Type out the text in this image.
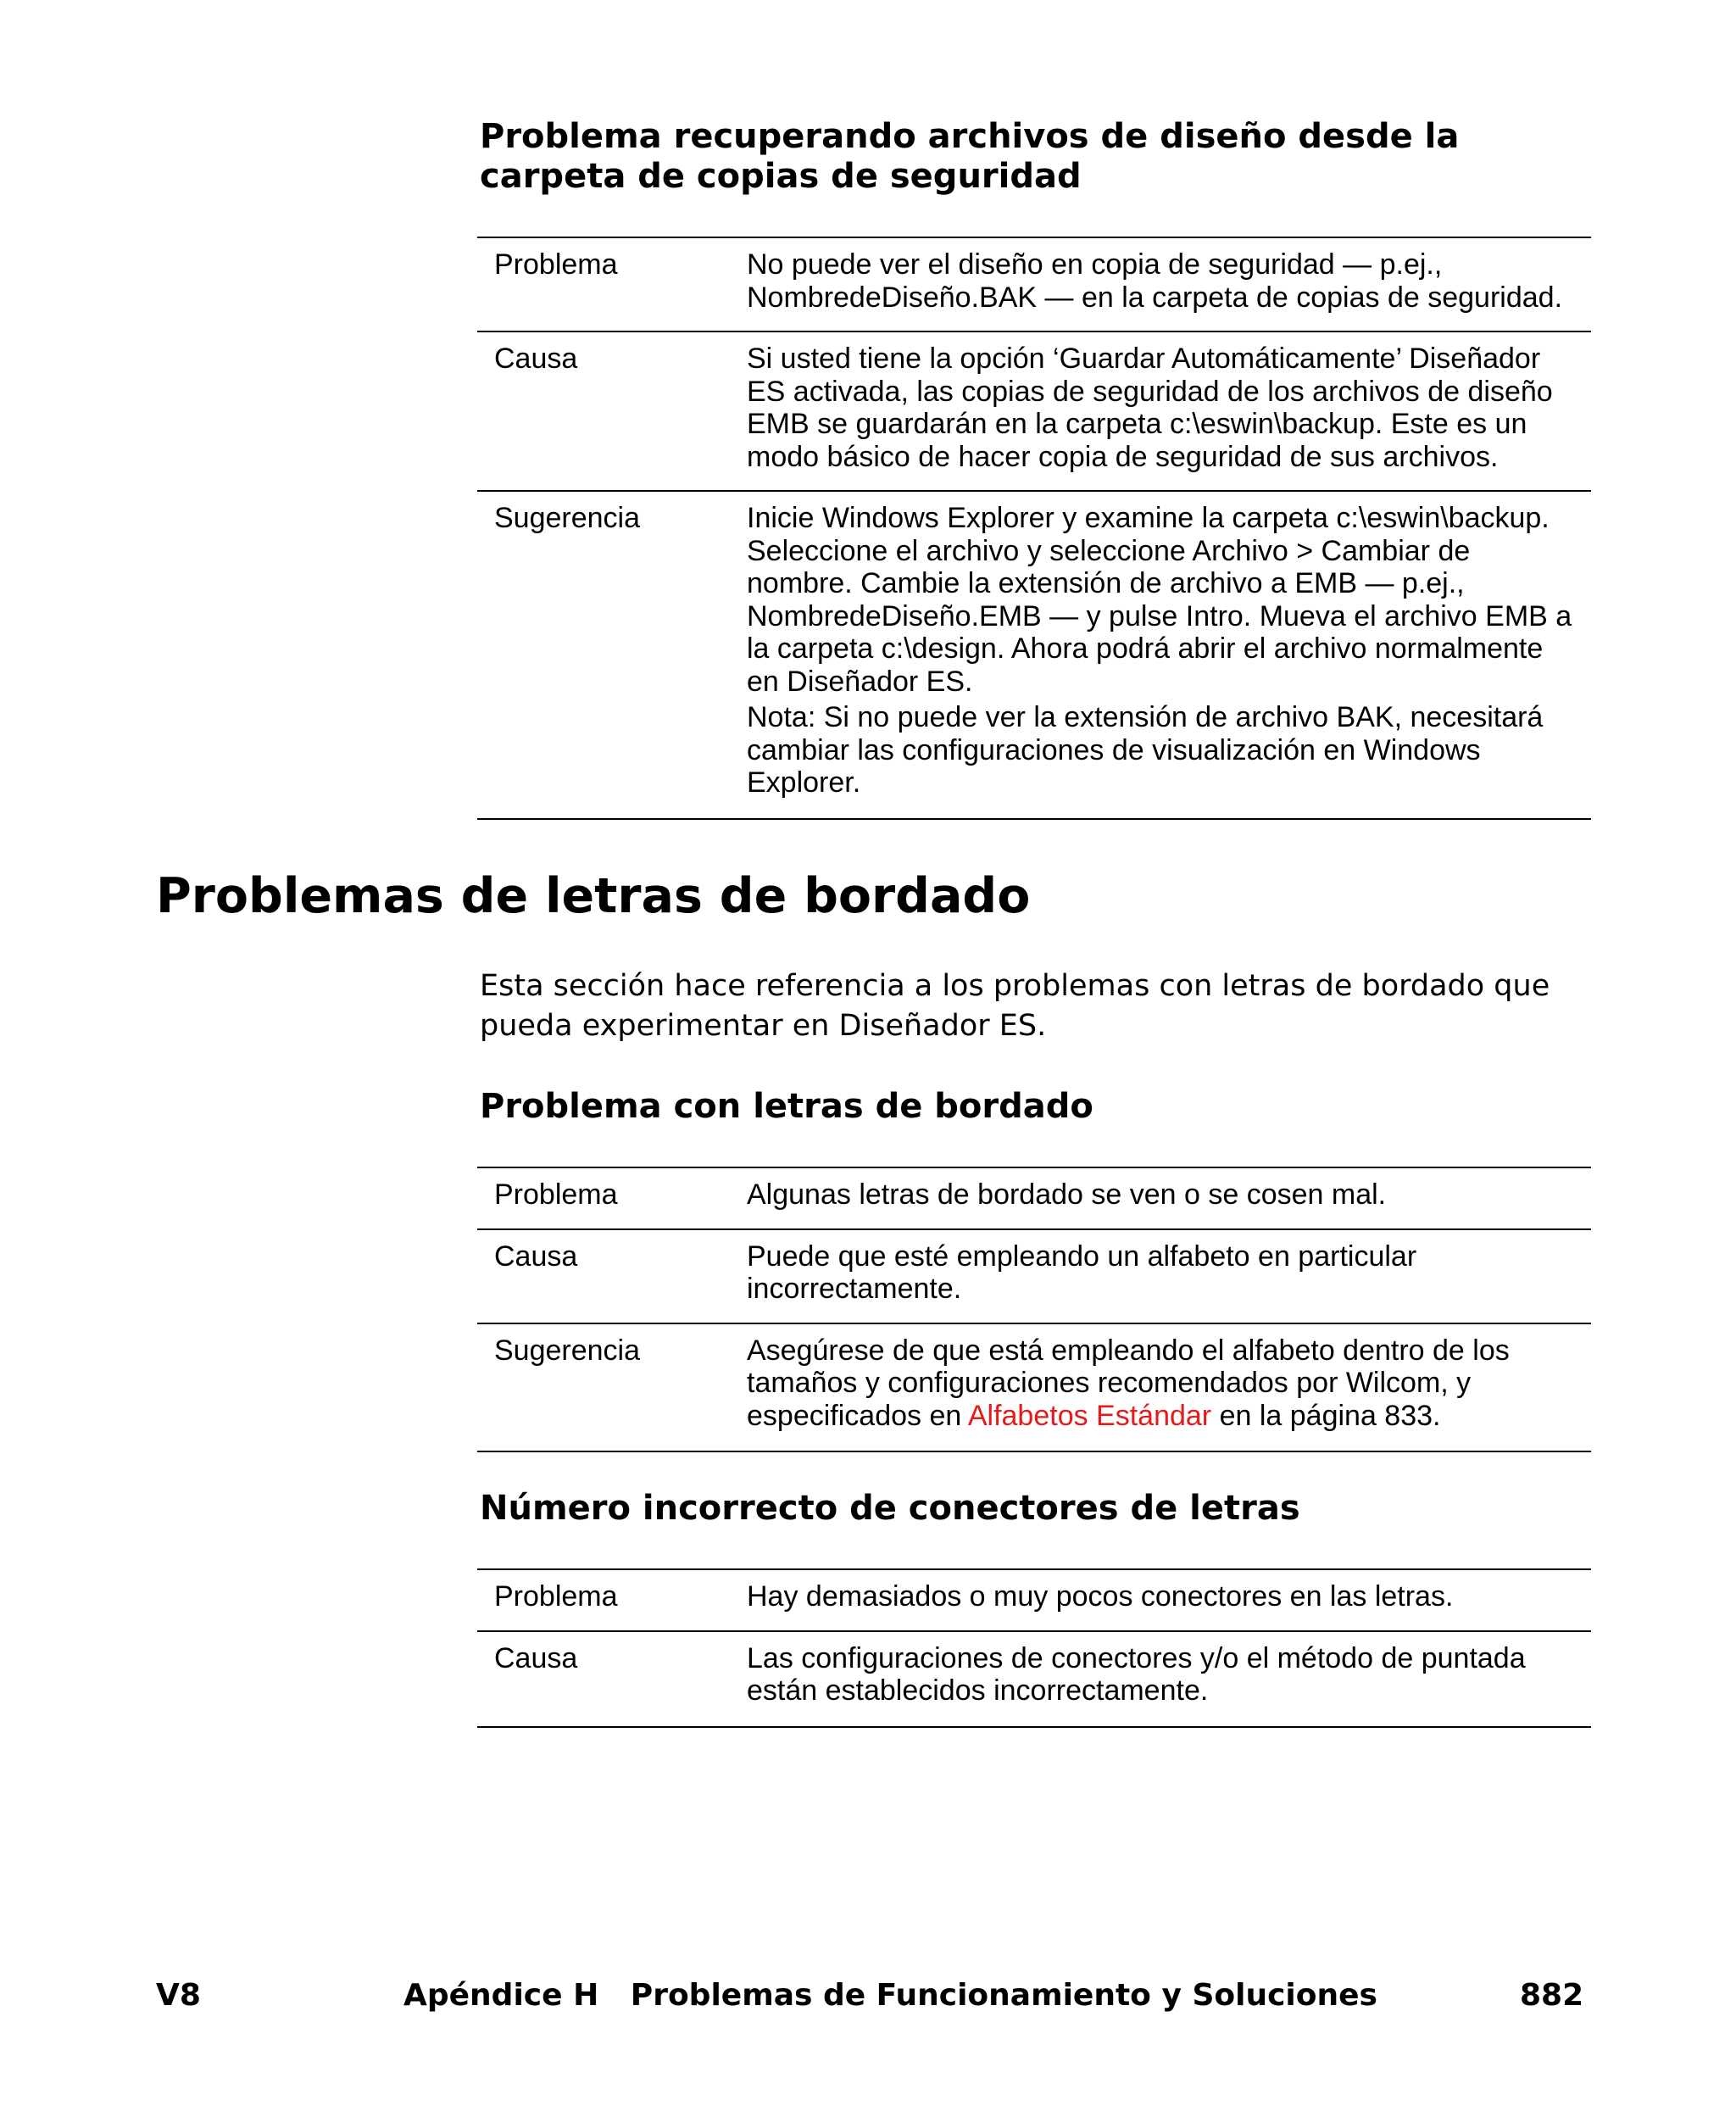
Problema recuperando archivos de diseño desde la carpeta de copias de seguridad
Problema	No puede ver el diseño en copia de seguridad — p.ej., NombredeDiseño.BAK — en la carpeta de copias de seguridad.

Causa	Si usted tiene la opción ‘Guardar Automáticamente’ Diseñador ES activada, las copias de seguridad de los archivos de diseño EMB se guardarán en la carpeta c:\eswin\backup. Este es un modo básico de hacer copia de seguridad de sus archivos.

Sugerencia	Inicie Windows Explorer y examine la carpeta c:\eswin\backup. Seleccione el archivo y seleccione Archivo > Cambiar de nombre. Cambie la extensión de archivo a EMB — p.ej., NombredeDiseño.EMB — y pulse Intro. Mueva el archivo EMB a la carpeta c:\design. Ahora podrá abrir el archivo normalmente en Diseñador ES.

Nota: Si no puede ver la extensión de archivo BAK, necesitará cambiar las configuraciones de visualización en Windows Explorer.

Problemas de letras de bordado

Esta sección hace referencia a los problemas con letras de bordado que pueda experimentar en Diseñador ES.

Problema con letras de bordado
Problema	Algunas letras de bordado se ven o se cosen mal.
Causa	Puede que esté empleando un alfabeto en particular incorrectamente.
Sugerencia	Asegúrese de que está empleando el alfabeto dentro de los tamaños y configuraciones recomendados por Wilcom, y especificados en Alfabetos Estándar en la página 833.
Número incorrecto de conectores de letras
Problema	Hay demasiados o muy pocos conectores en las letras.
Causa	Las configuraciones de conectores y/o el método de puntada están establecidos incorrectamente.
V8	Apéndice H   Problemas de Funcionamiento y Soluciones	882
